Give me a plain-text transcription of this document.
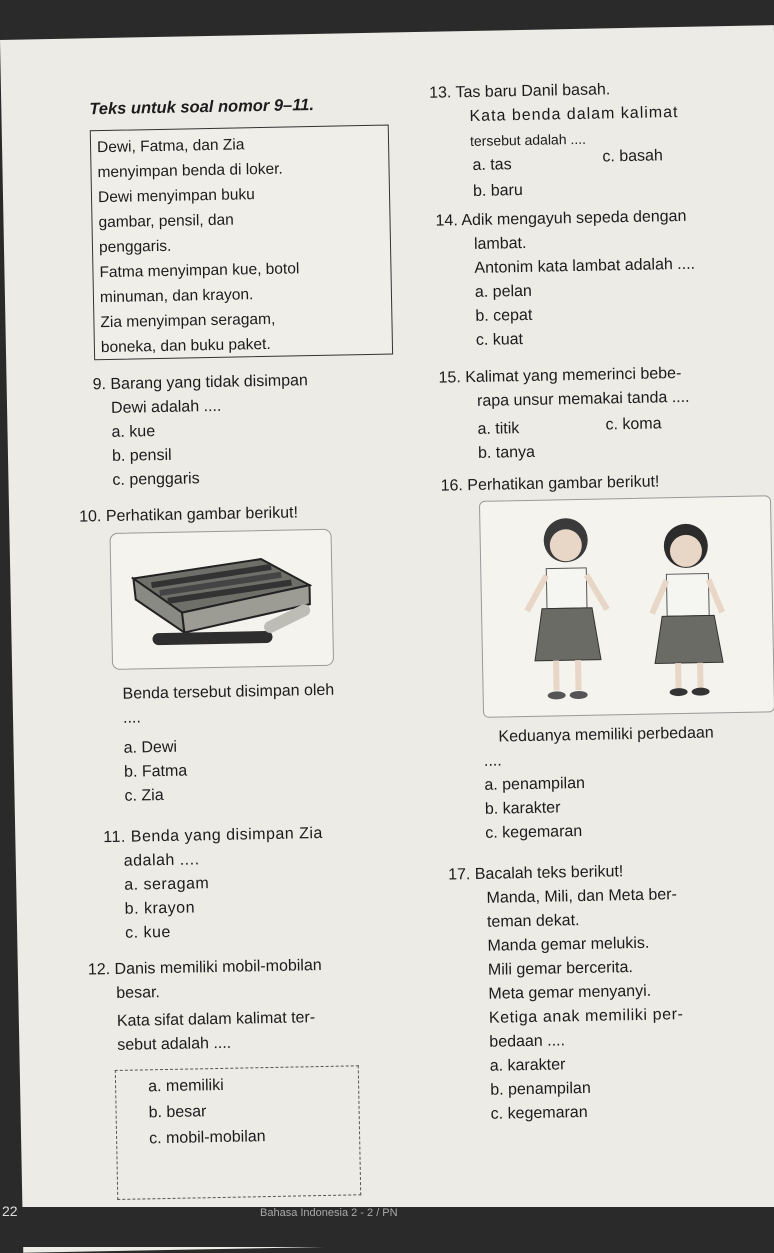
Teks untuk soal nomor 9–11.
Dewi, Fatma, dan Zia
menyimpan benda di loker.
Dewi menyimpan buku
gambar, pensil, dan
penggaris.
Fatma menyimpan kue, botol
minuman, dan krayon.
Zia menyimpan seragam,
boneka, dan buku paket.
9. Barang yang tidak disimpan
Dewi adalah ....
a. kue
b. pensil
c. penggaris
10. Perhatikan gambar berikut!
Benda tersebut disimpan oleh
....
a. Dewi
b. Fatma
c. Zia
11. Benda yang disimpan Zia
adalah ....
a. seragam
b. krayon
c. kue
12. Danis memiliki mobil-mobilan
besar.
Kata sifat dalam kalimat ter-
sebut adalah ....
a. memiliki
b. besar
c. mobil-mobilan
13. Tas baru Danil basah.
Kata benda dalam kalimat
tersebut adalah ....
a. tas	c. basah
b. baru
14. Adik mengayuh sepeda dengan
lambat.
Antonim kata lambat adalah ....
a. pelan
b. cepat
c. kuat
15. Kalimat yang memerinci bebe-
rapa unsur memakai tanda ....
a. titik	c. koma
b. tanya
16. Perhatikan gambar berikut!
Keduanya memiliki perbedaan
....
a. penampilan
b. karakter
c. kegemaran
17. Bacalah teks berikut!
Manda, Mili, dan Meta ber-
teman dekat.
Manda gemar melukis.
Mili gemar bercerita.
Meta gemar menyanyi.
Ketiga anak memiliki per-
bedaan ....
a. karakter
b. penampilan
c. kegemaran
22	Bahasa Indonesia 2 - 2 / PN
